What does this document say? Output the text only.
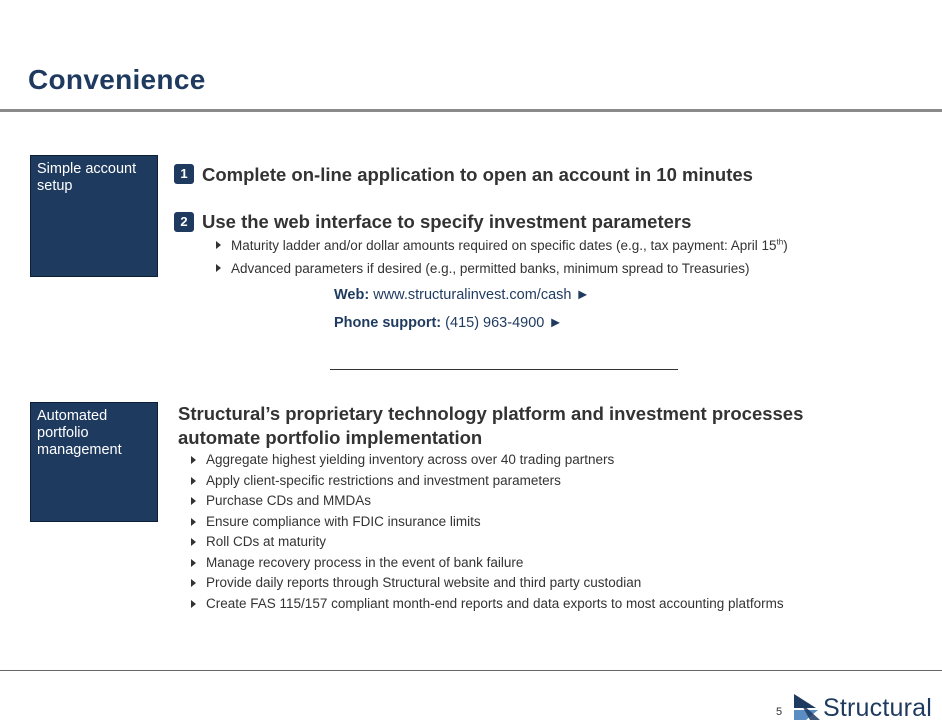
Convenience
Simple account setup
1 Complete on-line application to open an account in 10 minutes
2 Use the web interface to specify investment parameters
Maturity ladder and/or dollar amounts required on specific dates (e.g., tax payment: April 15th)
Advanced parameters if desired (e.g., permitted banks, minimum spread to Treasuries)
Web: www.structuralinvest.com/cash ►
Phone support: (415) 963-4900 ►
Automated portfolio management
Structural’s proprietary technology platform and investment processes
automate portfolio implementation
Aggregate highest yielding inventory across over 40 trading partners
Apply client-specific restrictions and investment parameters
Purchase CDs and MMDAs
Ensure compliance with FDIC insurance limits
Roll CDs at maturity
Manage recovery process in the event of bank failure
Provide daily reports through Structural website and third party custodian
Create FAS 115/157 compliant month-end reports and data exports to most accounting platforms
5 Structural
